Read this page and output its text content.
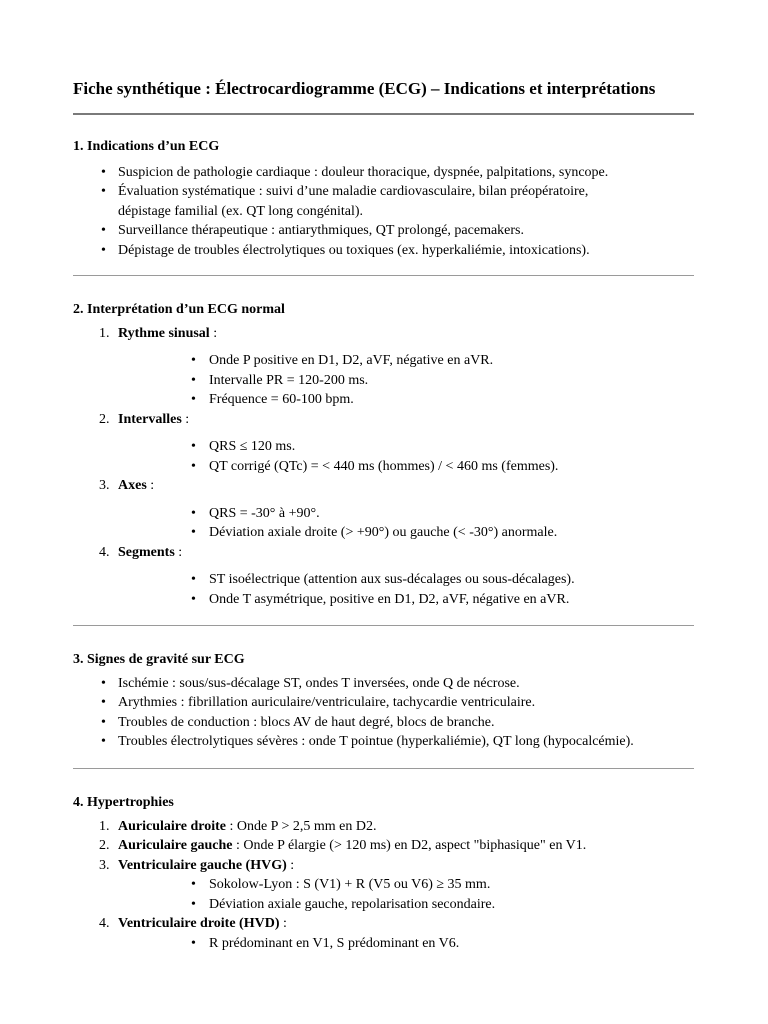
Fiche synthétique : Électrocardiogramme (ECG) – Indications et interprétations
1. Indications d’un ECG
• Suspicion de pathologie cardiaque : douleur thoracique, dyspnée, palpitations, syncope.
• Évaluation systématique : suivi d’une maladie cardiovasculaire, bilan préopératoire,
dépistage familial (ex. QT long congénital).
• Surveillance thérapeutique : antiarythmiques, QT prolongé, pacemakers.
• Dépistage de troubles électrolytiques ou toxiques (ex. hyperkaliémie, intoxications).
2. Interprétation d’un ECG normal
1. Rythme sinusal :
• Onde P positive en D1, D2, aVF, négative en aVR.
• Intervalle PR = 120-200 ms.
• Fréquence = 60-100 bpm.
2. Intervalles :
• QRS ≤ 120 ms.
• QT corrigé (QTc) = < 440 ms (hommes) / < 460 ms (femmes).
3. Axes :
• QRS = -30° à +90°.
• Déviation axiale droite (> +90°) ou gauche (< -30°) anormale.
4. Segments :
• ST isoélectrique (attention aux sus-décalages ou sous-décalages).
• Onde T asymétrique, positive en D1, D2, aVF, négative en aVR.
3. Signes de gravité sur ECG
• Ischémie : sous/sus-décalage ST, ondes T inversées, onde Q de nécrose.
• Arythmies : fibrillation auriculaire/ventriculaire, tachycardie ventriculaire.
• Troubles de conduction : blocs AV de haut degré, blocs de branche.
• Troubles électrolytiques sévères : onde T pointue (hyperkaliémie), QT long (hypocalcémie).
4. Hypertrophies
1. Auriculaire droite : Onde P > 2,5 mm en D2.
2. Auriculaire gauche : Onde P élargie (> 120 ms) en D2, aspect "biphasique" en V1.
3. Ventriculaire gauche (HVG) :
• Sokolow-Lyon : S (V1) + R (V5 ou V6) ≥ 35 mm.
• Déviation axiale gauche, repolarisation secondaire.
4. Ventriculaire droite (HVD) :
• R prédominant en V1, S prédominant en V6.
